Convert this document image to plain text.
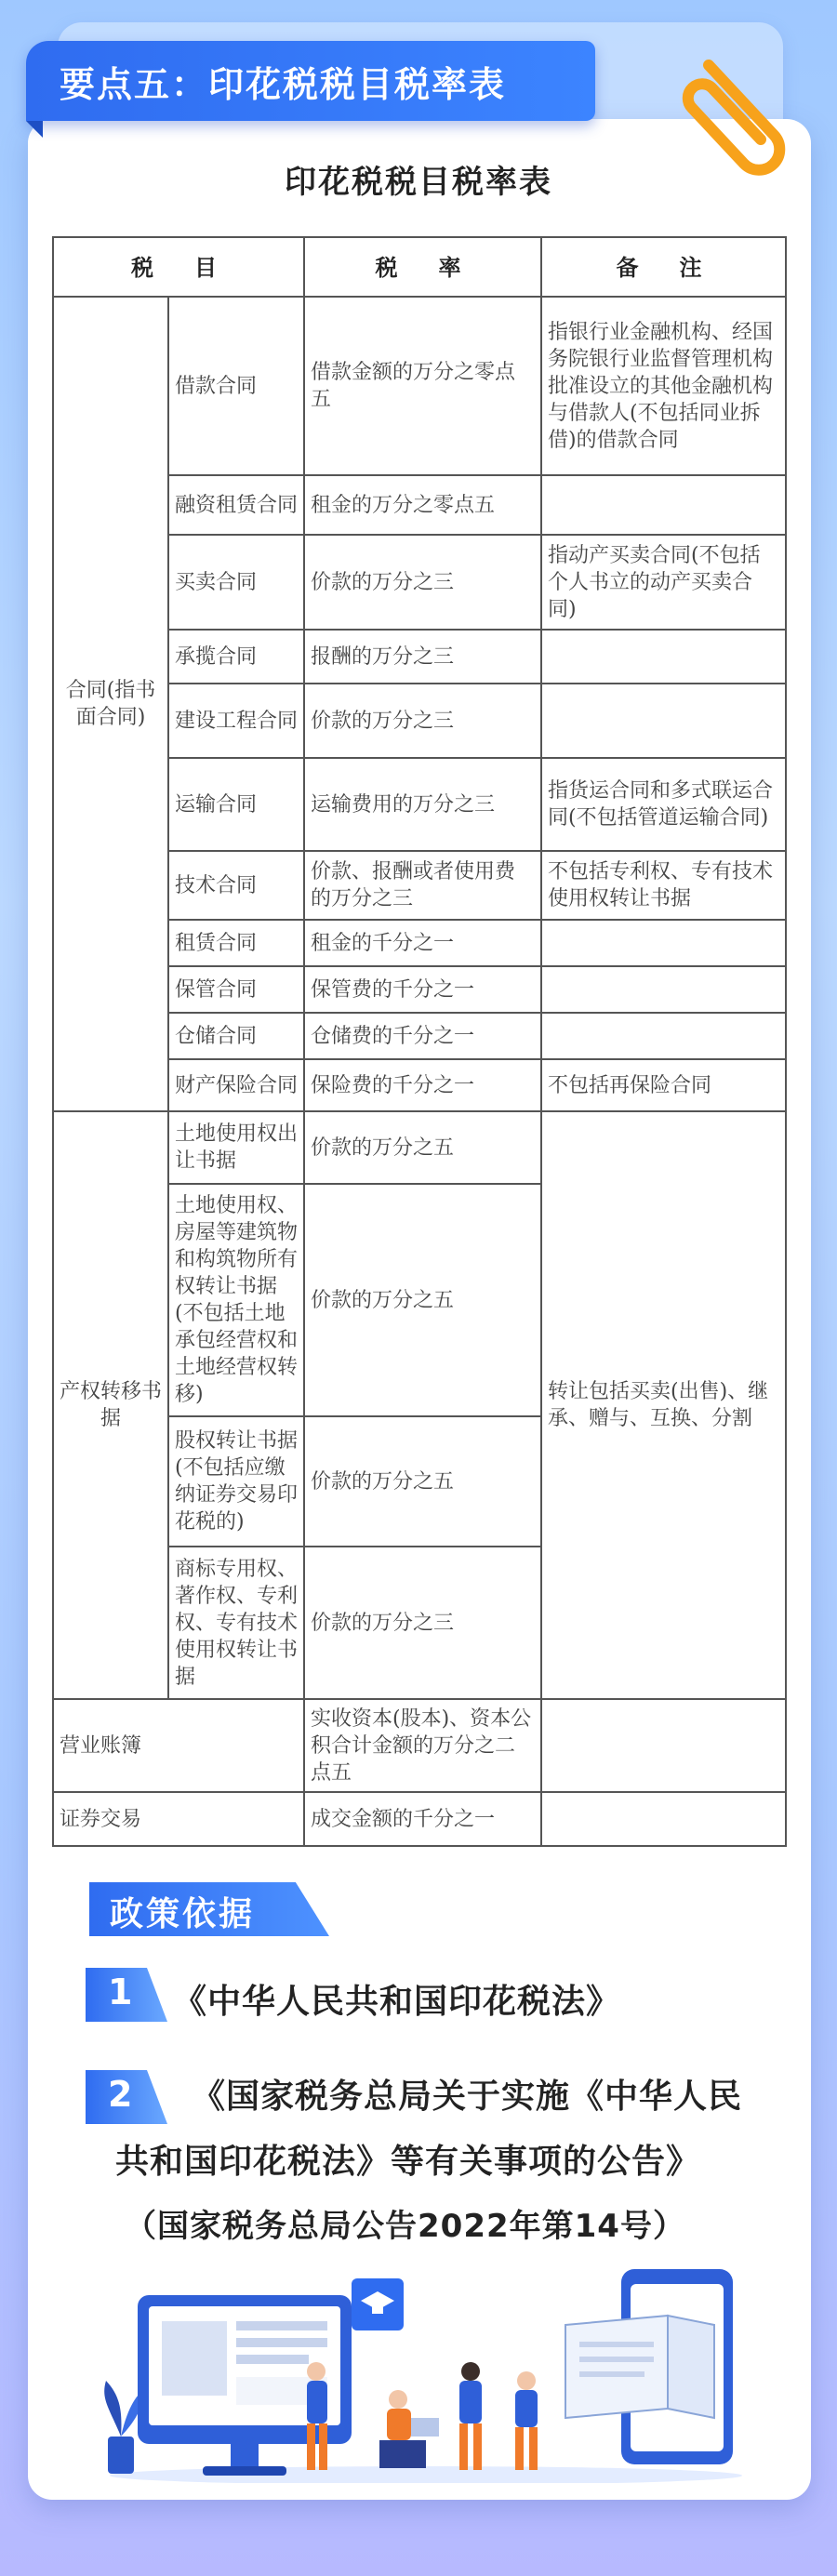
要点五：印花税税目税率表
印花税税目税率表
税　目		税　率	备　注
合同(指书面合同)	借款合同	借款金额的万分之零点五	指银行业金融机构、经国务院银行业监督管理机构批准设立的其他金融机构与借款人(不包括同业拆借)的借款合同
	融资租赁合同	租金的万分之零点五	
	买卖合同	价款的万分之三	指动产买卖合同(不包括个人书立的动产买卖合同)
	承揽合同	报酬的万分之三	
	建设工程合同	价款的万分之三	
	运输合同	运输费用的万分之三	指货运合同和多式联运合同(不包括管道运输合同)
	技术合同	价款、报酬或者使用费的万分之三	不包括专利权、专有技术使用权转让书据
	租赁合同	租金的千分之一	
	保管合同	保管费的千分之一	
	仓储合同	仓储费的千分之一	
	财产保险合同	保险费的千分之一	不包括再保险合同
产权转移书据	土地使用权出让书据	价款的万分之五	转让包括买卖(出售)、继承、赠与、互换、分割
	土地使用权、房屋等建筑物和构筑物所有权转让书据(不包括土地承包经营权和土地经营权转移)	价款的万分之五	
	股权转让书据(不包括应缴纳证券交易印花税的)	价款的万分之五	
	商标专用权、著作权、专利权、专有技术使用权转让书据	价款的万分之三	
营业账簿		实收资本(股本)、资本公积合计金额的万分之二点五	
证券交易		成交金额的千分之一	
政策依据
1 《中华人民共和国印花税法》
2 《国家税务总局关于实施《中华人民
共和国印花税法》等有关事项的公告》
（国家税务总局公告2022年第14号）
